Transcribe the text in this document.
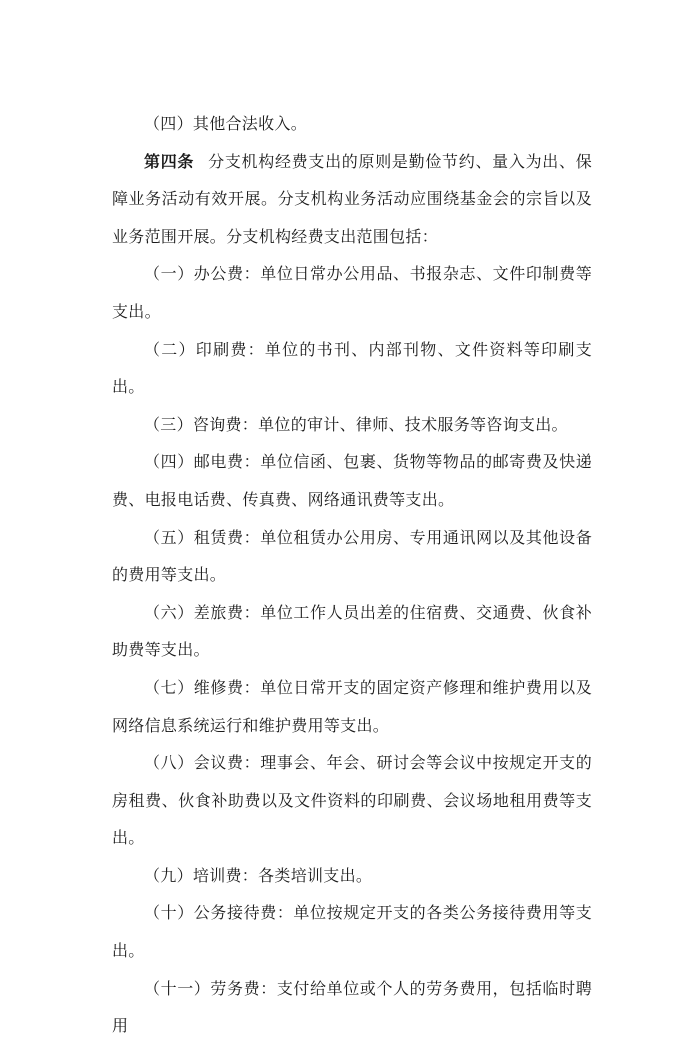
（四）其他合法收入。

第四条 分支机构经费支出的原则是勤俭节约、量入为出、保障业务活动有效开展。分支机构业务活动应围绕基金会的宗旨以及业务范围开展。分支机构经费支出范围包括：

（一）办公费：单位日常办公用品、书报杂志、文件印制费等支出。

（二）印刷费：单位的书刊、内部刊物、文件资料等印刷支出。

（三）咨询费：单位的审计、律师、技术服务等咨询支出。

（四）邮电费：单位信函、包裹、货物等物品的邮寄费及快递费、电报电话费、传真费、网络通讯费等支出。

（五）租赁费：单位租赁办公用房、专用通讯网以及其他设备的费用等支出。

（六）差旅费：单位工作人员出差的住宿费、交通费、伙食补助费等支出。

（七）维修费：单位日常开支的固定资产修理和维护费用以及网络信息系统运行和维护费用等支出。

（八）会议费：理事会、年会、研讨会等会议中按规定开支的房租费、伙食补助费以及文件资料的印刷费、会议场地租用费等支出。

（九）培训费：各类培训支出。

（十）公务接待费：单位按规定开支的各类公务接待费用等支出。

（十一）劳务费：支付给单位或个人的劳务费用，包括临时聘用
